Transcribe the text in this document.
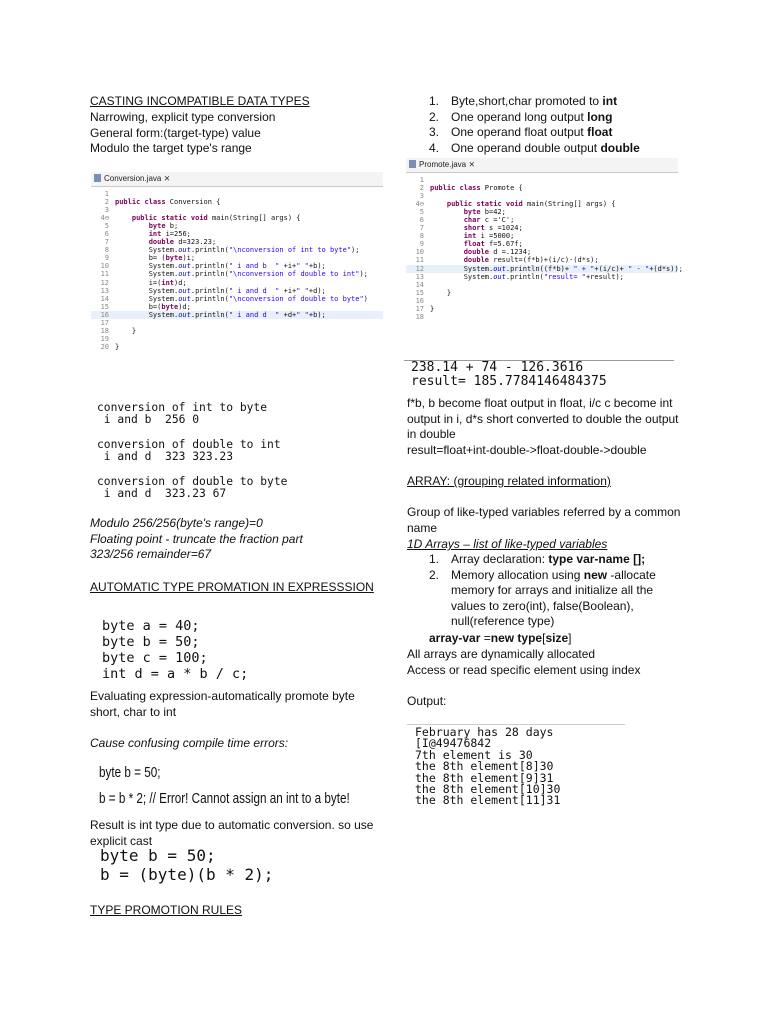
CASTING INCOMPATIBLE DATA TYPES
Narrowing, explicit type conversion
General form:(target-type) value
Modulo the target type's range
Conversion.java ⨯
1
2 public class Conversion {
3
4⊖	public static void main(String[] args) {
5	byte b;
6	int i=256;
7	double d=323.23;
8        System.out.println("\nconversion of int to byte");
9        b= (byte)i;
10        System.out.println(" i and b  " +i+" "+b);
11        System.out.println("\nconversion of double to int");
12        i=(int)d;
13        System.out.println(" i and d  " +i+" "+d);
14        System.out.println("\nconversion of double to byte")
15        b=(byte)d;
16        System.out.println(" i and d  " +d+" "+b);
17
18    }
19
20 }
conversion of int to byte
i and b  256 0

conversion of double to int
i and d  323 323.23

conversion of double to byte
i and d  323.23 67
Modulo 256/256(byte's range)=0
Floating point - truncate the fraction part
323/256 remainder=67
AUTOMATIC TYPE PROMATION IN EXPRESSSION
byte a = 40;
byte b = 50;
byte c = 100;
int d = a * b / c;
Evaluating expression-automatically promote byte
short, char to int
Cause confusing compile time errors:
byte b = 50;
b = b * 2; // Error! Cannot assign an int to a byte!
Result is int type due to automatic conversion. so use
explicit cast
byte b = 50;
b = (byte)(b * 2);
TYPE PROMOTION RULES
1. Byte,short,char promoted to int
2. One operand long output long
3. One operand float output float
4. One operand double output double
Promote.java ⨯
1
2 public class Promote {
3
4⊖	public static void main(String[] args) {
5	byte b=42;
6	char c ='C';
7	short s =1024;
8	int i =5000;
9	float f=5.67f;
10	double d =.1234;
11	double result=(f*b)+(i/c)-(d*s);
12        System.out.println((f*b)+ " + "+(i/c)+ " - "+(d*s));
13        System.out.println("result= "+result);
14
15    }
16
17 }
18
238.14 + 74 - 126.3616
result= 185.7784146484375
f*b, b become float output in float, i/c c become int
output in i, d*s short converted to double the output
in double
result=float+int-double->float-double->double
ARRAY: (grouping related information)
Group of like-typed variables referred by a common
name
1D Arrays – list of like-typed variables
1. Array declaration: type var-name [];
2. Memory allocation using new -allocate
memory for arrays and initialize all the
values to zero(int), false(Boolean),
null(reference type)
array-var =new type[size]
All arrays are dynamically allocated
Access or read specific element using index
Output:
February has 28 days
[I@49476842
7th element is 30
the 8th element[8]30
the 8th element[9]31
the 8th element[10]30
the 8th element[11]31
